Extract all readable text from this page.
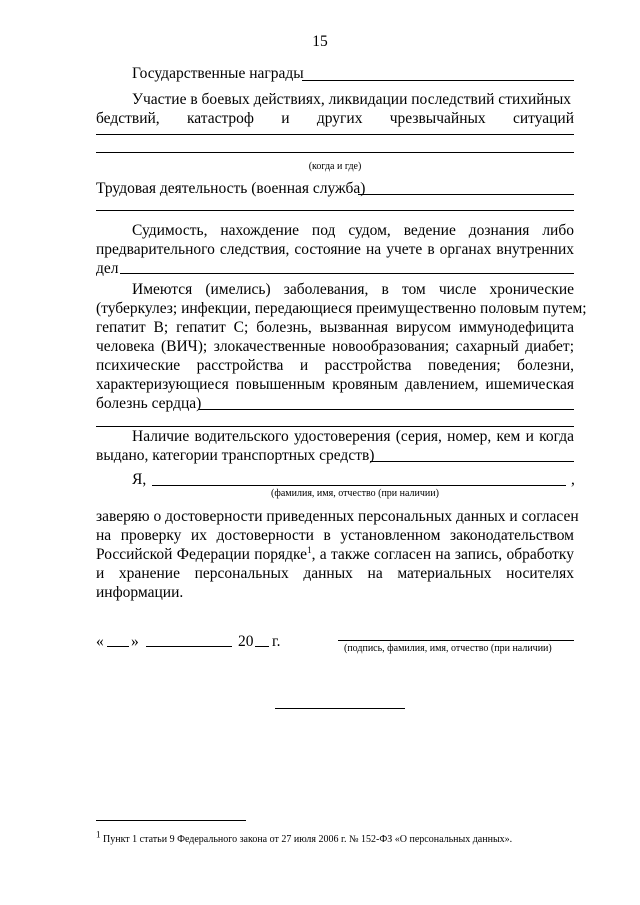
15
Государственные награды
Участие в боевых действиях, ликвидации последствий стихийных
бедствий, катастроф и других чрезвычайных ситуаций
(когда и где)
Трудовая деятельность (военная служба)
Судимость, нахождение под судом, ведение дознания либо
предварительного следствия, состояние на учете в органах внутренних
дел
Имеются (имелись) заболевания, в том числе хронические
(туберкулез; инфекции, передающиеся преимущественно половым путем;
гепатит В; гепатит С; болезнь, вызванная вирусом иммунодефицита
человека (ВИЧ); злокачественные новообразования; сахарный диабет;
психические расстройства и расстройства поведения; болезни,
характеризующиеся повышенным кровяным давлением, ишемическая
болезнь сердца)
Наличие водительского удостоверения (серия, номер, кем и когда
выдано, категории транспортных средств)
Я,	,
(фамилия, имя, отчество (при наличии)
заверяю о достоверности приведенных персональных данных и согласен
на проверку их достоверности в установленном законодательством
Российской Федерации порядке$^1$, а также согласен на запись, обработку
и хранение персональных данных на материальных носителях
информации.
« »	20 г.	(подпись, фамилия, имя, отчество (при наличии)
$^1$ Пункт 1 статьи 9 Федерального закона от 27 июля 2006 г. № 152-ФЗ «О персональных данных».
